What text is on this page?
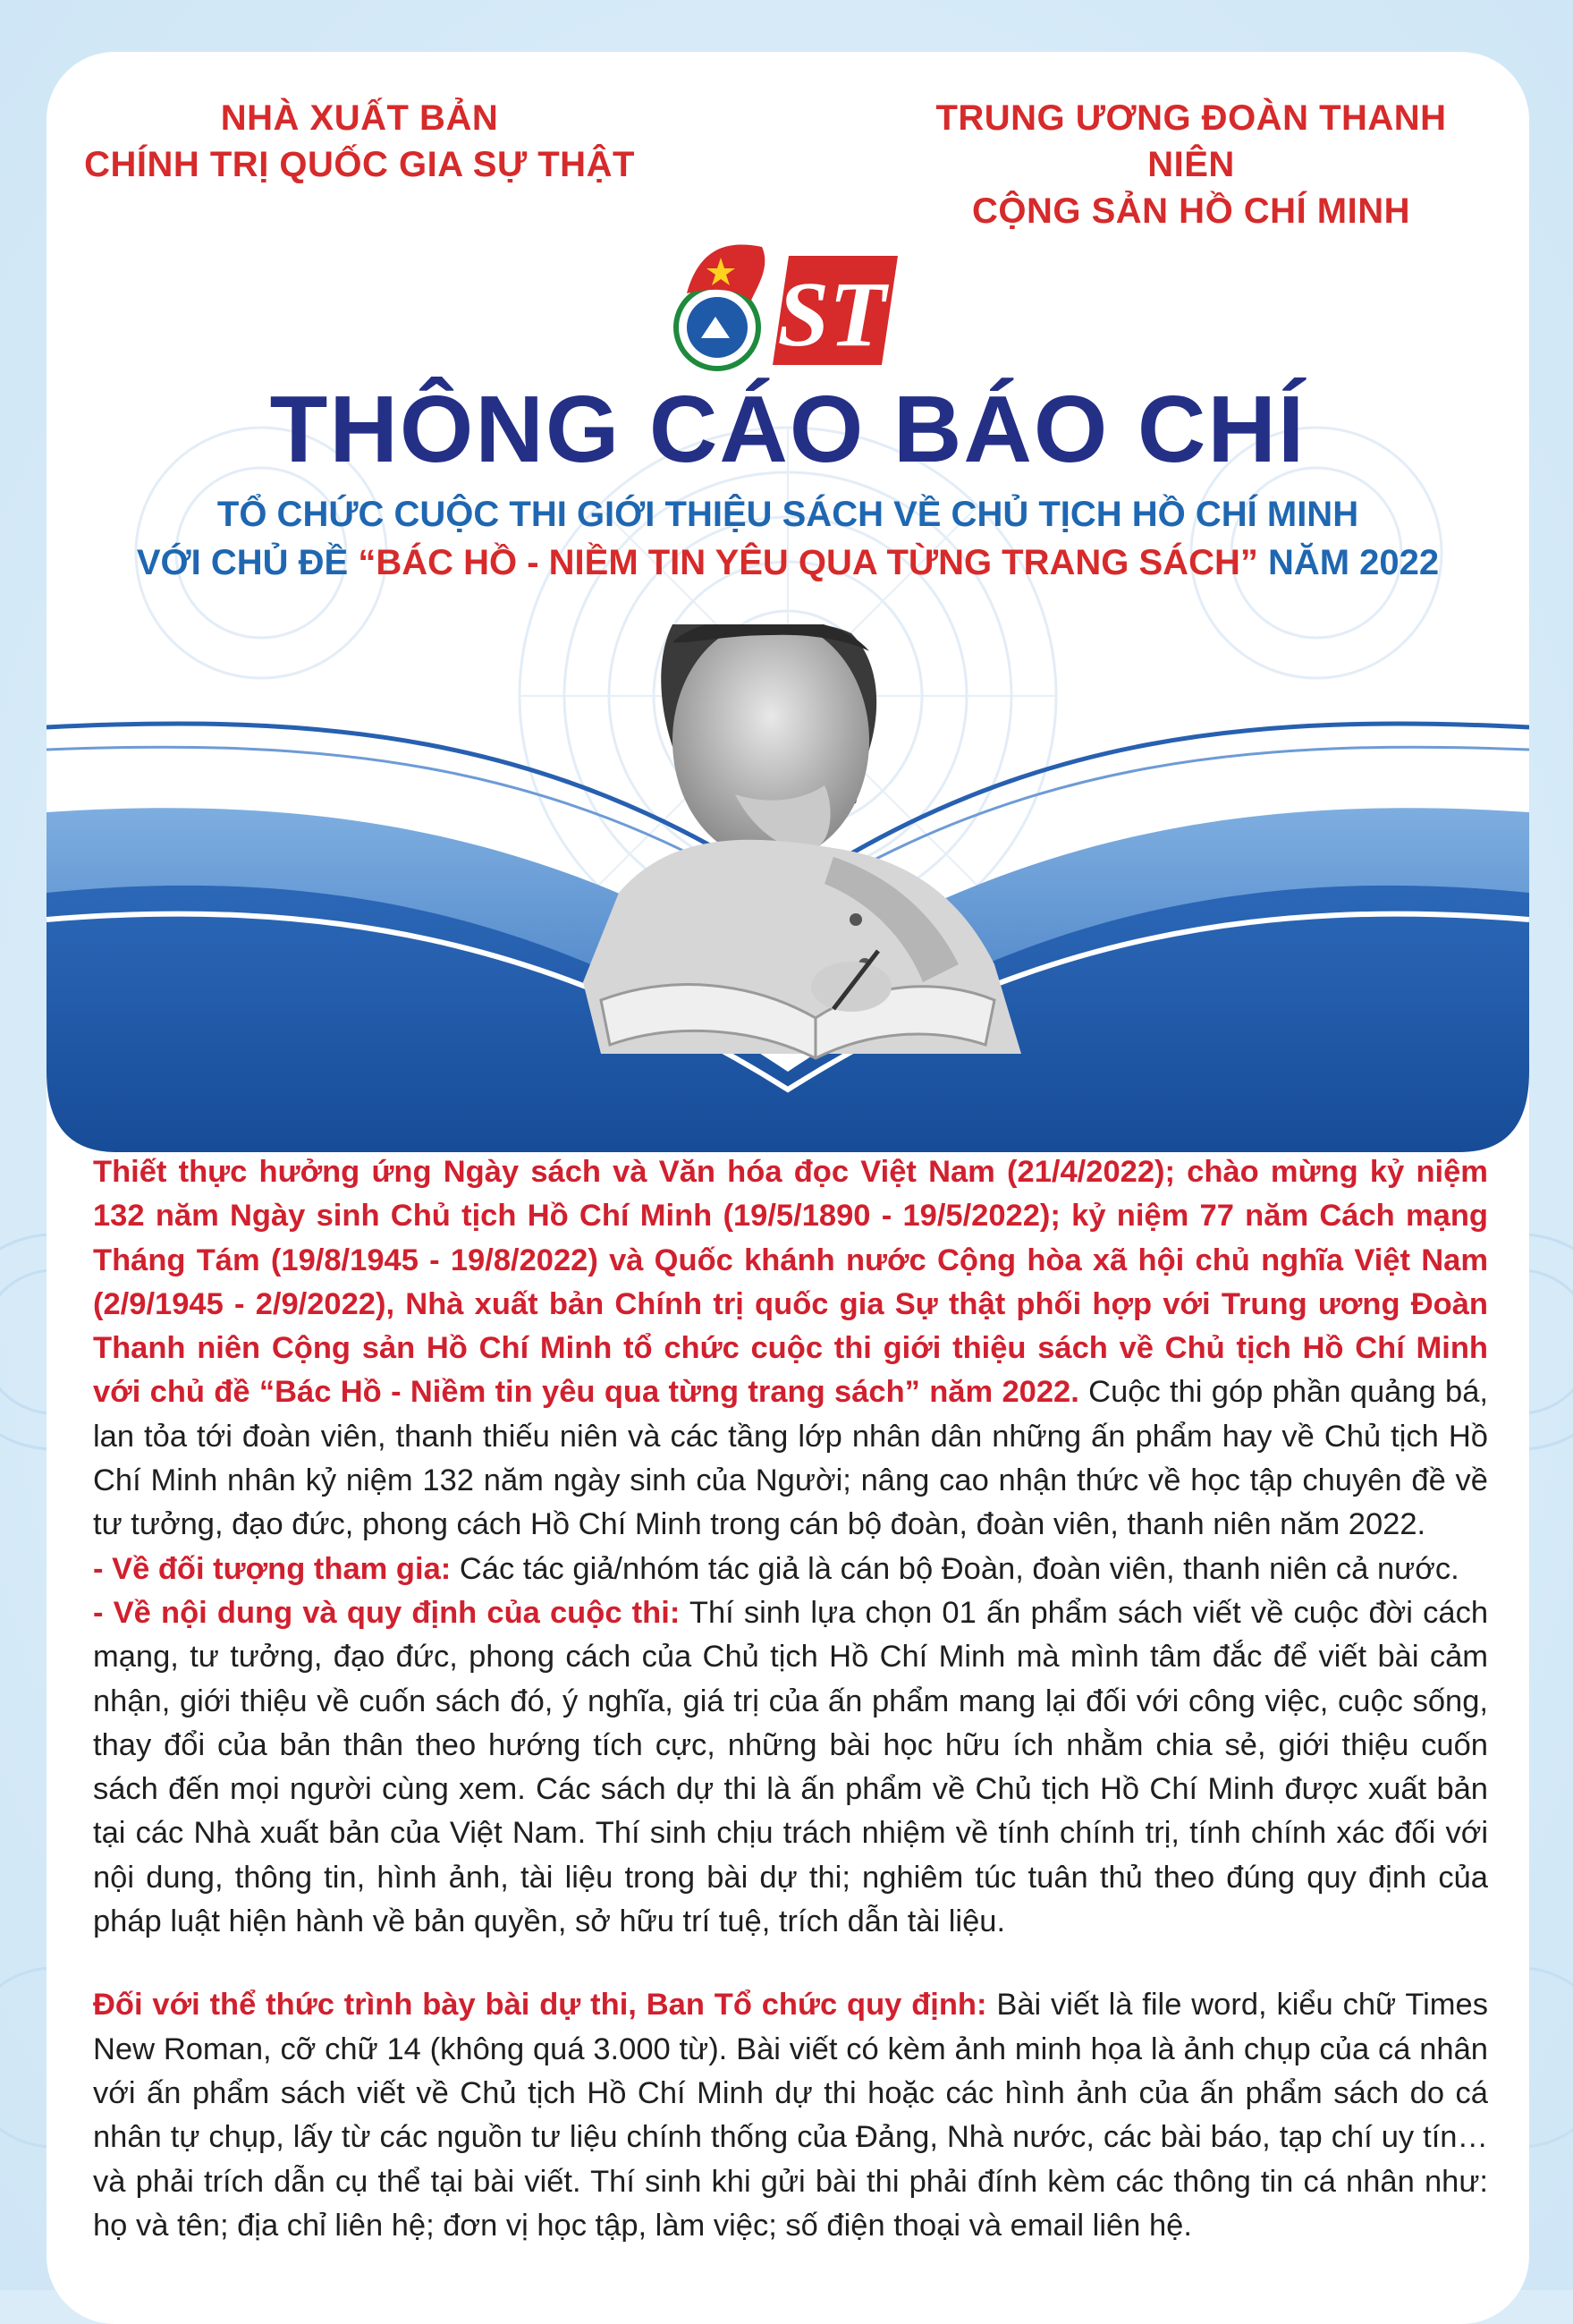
NHÀ XUẤT BẢN
CHÍNH TRỊ QUỐC GIA SỰ THẬT

TRUNG ƯƠNG ĐOÀN THANH NIÊN
CỘNG SẢN HỒ CHÍ MINH

ST
THÔNG CÁO BÁO CHÍ

TỔ CHỨC CUỘC THI GIỚI THIỆU SÁCH VỀ CHỦ TỊCH HỒ CHÍ MINH
VỚI CHỦ ĐỀ “BÁC HỒ - NIỀM TIN YÊU QUA TỪNG TRANG SÁCH” NĂM 2022

Thiết thực hưởng ứng Ngày sách và Văn hóa đọc Việt Nam (21/4/2022); chào mừng kỷ niệm 132 năm Ngày sinh Chủ tịch Hồ Chí Minh (19/5/1890 - 19/5/2022); kỷ niệm 77 năm Cách mạng Tháng Tám (19/8/1945 - 19/8/2022) và Quốc khánh nước Cộng hòa xã hội chủ nghĩa Việt Nam (2/9/1945 - 2/9/2022), Nhà xuất bản Chính trị quốc gia Sự thật phối hợp với Trung ương Đoàn Thanh niên Cộng sản Hồ Chí Minh tổ chức cuộc thi giới thiệu sách về Chủ tịch Hồ Chí Minh với chủ đề “Bác Hồ - Niềm tin yêu qua từng trang sách” năm 2022. Cuộc thi góp phần quảng bá, lan tỏa tới đoàn viên, thanh thiếu niên và các tầng lớp nhân dân những ấn phẩm hay về Chủ tịch Hồ Chí Minh nhân kỷ niệm 132 năm ngày sinh của Người; nâng cao nhận thức về học tập chuyên đề về tư tưởng, đạo đức, phong cách Hồ Chí Minh trong cán bộ đoàn, đoàn viên, thanh niên năm 2022.

- Về đối tượng tham gia: Các tác giả/nhóm tác giả là cán bộ Đoàn, đoàn viên, thanh niên cả nước.

- Về nội dung và quy định của cuộc thi: Thí sinh lựa chọn 01 ấn phẩm sách viết về cuộc đời cách mạng, tư tưởng, đạo đức, phong cách của Chủ tịch Hồ Chí Minh mà mình tâm đắc để viết bài cảm nhận, giới thiệu về cuốn sách đó, ý nghĩa, giá trị của ấn phẩm mang lại đối với công việc, cuộc sống, thay đổi của bản thân theo hướng tích cực, những bài học hữu ích nhằm chia sẻ, giới thiệu cuốn sách đến mọi người cùng xem. Các sách dự thi là ấn phẩm về Chủ tịch Hồ Chí Minh được xuất bản tại các Nhà xuất bản của Việt Nam. Thí sinh chịu trách nhiệm về tính chính trị, tính chính xác đối với nội dung, thông tin, hình ảnh, tài liệu trong bài dự thi; nghiêm túc tuân thủ theo đúng quy định của pháp luật hiện hành về bản quyền, sở hữu trí tuệ, trích dẫn tài liệu.

Đối với thể thức trình bày bài dự thi, Ban Tổ chức quy định: Bài viết là file word, kiểu chữ Times New Roman, cỡ chữ 14 (không quá 3.000 từ). Bài viết có kèm ảnh minh họa là ảnh chụp của cá nhân với ấn phẩm sách viết về Chủ tịch Hồ Chí Minh dự thi hoặc các hình ảnh của ấn phẩm sách do cá nhân tự chụp, lấy từ các nguồn tư liệu chính thống của Đảng, Nhà nước, các bài báo, tạp chí uy tín…và phải trích dẫn cụ thể tại bài viết. Thí sinh khi gửi bài thi phải đính kèm các thông tin cá nhân như: họ và tên; địa chỉ liên hệ; đơn vị học tập, làm việc; số điện thoại và email liên hệ.
